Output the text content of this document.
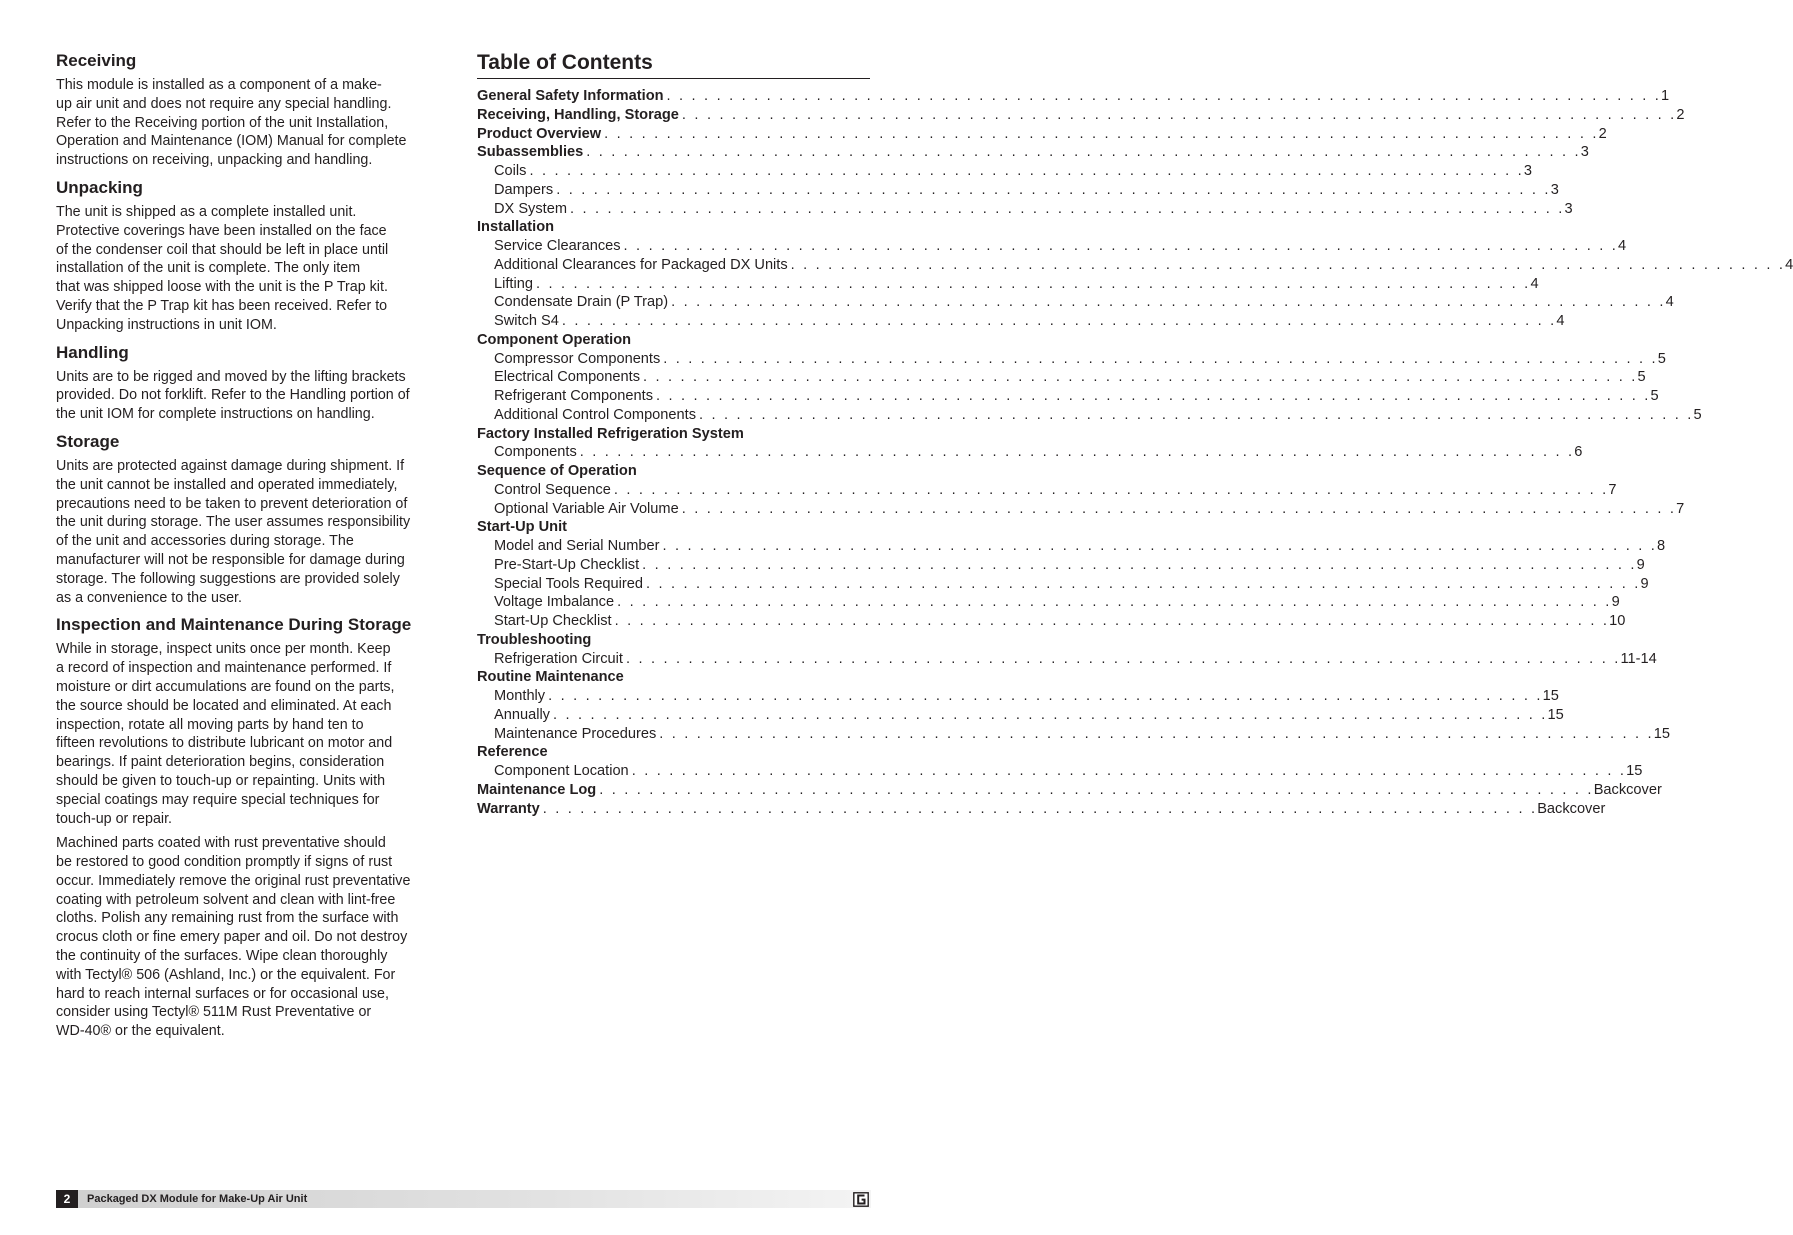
Receiving

This module is installed as a component of a make-
up air unit and does not require any special handling.
Refer to the Receiving portion of the unit Installation,
Operation and Maintenance (IOM) Manual for complete
instructions on receiving, unpacking and handling.

Unpacking

The unit is shipped as a complete installed unit.
Protective coverings have been installed on the face
of the condenser coil that should be left in place until
installation of the unit is complete. The only item
that was shipped loose with the unit is the P Trap kit.
Verify that the P Trap kit has been received. Refer to
Unpacking instructions in unit IOM.

Handling

Units are to be rigged and moved by the lifting brackets
provided. Do not forklift. Refer to the Handling portion of
the unit IOM for complete instructions on handling.

Storage

Units are protected against damage during shipment. If
the unit cannot be installed and operated immediately,
precautions need to be taken to prevent deterioration of
the unit during storage. The user assumes responsibility
of the unit and accessories during storage. The
manufacturer will not be responsible for damage during
storage. The following suggestions are provided solely
as a convenience to the user.

Inspection and Maintenance During Storage

While in storage, inspect units once per month. Keep
a record of inspection and maintenance performed. If
moisture or dirt accumulations are found on the parts,
the source should be located and eliminated. At each
inspection, rotate all moving parts by hand ten to
fifteen revolutions to distribute lubricant on motor and
bearings. If paint deterioration begins, consideration
should be given to touch-up or repainting. Units with
special coatings may require special techniques for
touch-up or repair.

Machined parts coated with rust preventative should
be restored to good condition promptly if signs of rust
occur. Immediately remove the original rust preventative
coating with petroleum solvent and clean with lint-free
cloths. Polish any remaining rust from the surface with
crocus cloth or fine emery paper and oil. Do not destroy
the continuity of the surfaces. Wipe clean thoroughly
with Tectyl® 506 (Ashland, Inc.) or the equivalent. For
hard to reach internal surfaces or for occasional use,
consider using Tectyl® 511M Rust Preventative or
WD-40® or the equivalent.

Table of Contents
General Safety Information . . . . . . . . . . . . . . . . . . . . . . . . . . . . . . . . . . . . . . . . . . . . . . . . . . . . . . . . . . . . . . . . . . . . . . . . . . . . . . . . 1
Receiving, Handling, Storage . . . . . . . . . . . . . . . . . . . . . . . . . . . . . . . . . . . . . . . . . . . . . . . . . . . . . . . . . . . . . . . . . . . . . . . . . . . . . . . . 2
Product Overview . . . . . . . . . . . . . . . . . . . . . . . . . . . . . . . . . . . . . . . . . . . . . . . . . . . . . . . . . . . . . . . . . . . . . . . . . . . . . . . . 2
Subassemblies . . . . . . . . . . . . . . . . . . . . . . . . . . . . . . . . . . . . . . . . . . . . . . . . . . . . . . . . . . . . . . . . . . . . . . . . . . . . . . . . 3
Coils . . . . . . . . . . . . . . . . . . . . . . . . . . . . . . . . . . . . . . . . . . . . . . . . . . . . . . . . . . . . . . . . . . . . . . . . . . . . . . . . 3
Dampers . . . . . . . . . . . . . . . . . . . . . . . . . . . . . . . . . . . . . . . . . . . . . . . . . . . . . . . . . . . . . . . . . . . . . . . . . . . . . . . . 3
DX System . . . . . . . . . . . . . . . . . . . . . . . . . . . . . . . . . . . . . . . . . . . . . . . . . . . . . . . . . . . . . . . . . . . . . . . . . . . . . . . . 3
Installation
Service Clearances . . . . . . . . . . . . . . . . . . . . . . . . . . . . . . . . . . . . . . . . . . . . . . . . . . . . . . . . . . . . . . . . . . . . . . . . . . . . . . . . 4
Additional Clearances for Packaged DX Units . . . . . . . . . . . . . . . . . . . . . . . . . . . . . . . . . . . . . . . . . . . . . . . . . . . . . . . . . . . . . . . . . . . . . . . . . . . . . . . . 4
Lifting . . . . . . . . . . . . . . . . . . . . . . . . . . . . . . . . . . . . . . . . . . . . . . . . . . . . . . . . . . . . . . . . . . . . . . . . . . . . . . . . 4
Condensate Drain (P Trap) . . . . . . . . . . . . . . . . . . . . . . . . . . . . . . . . . . . . . . . . . . . . . . . . . . . . . . . . . . . . . . . . . . . . . . . . . . . . . . . . 4
Switch S4 . . . . . . . . . . . . . . . . . . . . . . . . . . . . . . . . . . . . . . . . . . . . . . . . . . . . . . . . . . . . . . . . . . . . . . . . . . . . . . . . 4
Component Operation
Compressor Components . . . . . . . . . . . . . . . . . . . . . . . . . . . . . . . . . . . . . . . . . . . . . . . . . . . . . . . . . . . . . . . . . . . . . . . . . . . . . . . . 5
Electrical Components . . . . . . . . . . . . . . . . . . . . . . . . . . . . . . . . . . . . . . . . . . . . . . . . . . . . . . . . . . . . . . . . . . . . . . . . . . . . . . . . 5
Refrigerant Components . . . . . . . . . . . . . . . . . . . . . . . . . . . . . . . . . . . . . . . . . . . . . . . . . . . . . . . . . . . . . . . . . . . . . . . . . . . . . . . . 5
Additional Control Components . . . . . . . . . . . . . . . . . . . . . . . . . . . . . . . . . . . . . . . . . . . . . . . . . . . . . . . . . . . . . . . . . . . . . . . . . . . . . . . . 5
Factory Installed Refrigeration System
Components . . . . . . . . . . . . . . . . . . . . . . . . . . . . . . . . . . . . . . . . . . . . . . . . . . . . . . . . . . . . . . . . . . . . . . . . . . . . . . . . 6
Sequence of Operation
Control Sequence . . . . . . . . . . . . . . . . . . . . . . . . . . . . . . . . . . . . . . . . . . . . . . . . . . . . . . . . . . . . . . . . . . . . . . . . . . . . . . . . 7
Optional Variable Air Volume . . . . . . . . . . . . . . . . . . . . . . . . . . . . . . . . . . . . . . . . . . . . . . . . . . . . . . . . . . . . . . . . . . . . . . . . . . . . . . . . 7
Start-Up Unit
Model and Serial Number . . . . . . . . . . . . . . . . . . . . . . . . . . . . . . . . . . . . . . . . . . . . . . . . . . . . . . . . . . . . . . . . . . . . . . . . . . . . . . . . 8
Pre-Start-Up Checklist . . . . . . . . . . . . . . . . . . . . . . . . . . . . . . . . . . . . . . . . . . . . . . . . . . . . . . . . . . . . . . . . . . . . . . . . . . . . . . . . 9
Special Tools Required . . . . . . . . . . . . . . . . . . . . . . . . . . . . . . . . . . . . . . . . . . . . . . . . . . . . . . . . . . . . . . . . . . . . . . . . . . . . . . . . 9
Voltage Imbalance . . . . . . . . . . . . . . . . . . . . . . . . . . . . . . . . . . . . . . . . . . . . . . . . . . . . . . . . . . . . . . . . . . . . . . . . . . . . . . . . 9
Start-Up Checklist . . . . . . . . . . . . . . . . . . . . . . . . . . . . . . . . . . . . . . . . . . . . . . . . . . . . . . . . . . . . . . . . . . . . . . . . . . . . . . . . 10
Troubleshooting
Refrigeration Circuit . . . . . . . . . . . . . . . . . . . . . . . . . . . . . . . . . . . . . . . . . . . . . . . . . . . . . . . . . . . . . . . . . . . . . . . . . . . . . . . . 11-14
Routine Maintenance
Monthly . . . . . . . . . . . . . . . . . . . . . . . . . . . . . . . . . . . . . . . . . . . . . . . . . . . . . . . . . . . . . . . . . . . . . . . . . . . . . . . . 15
Annually . . . . . . . . . . . . . . . . . . . . . . . . . . . . . . . . . . . . . . . . . . . . . . . . . . . . . . . . . . . . . . . . . . . . . . . . . . . . . . . . 15
Maintenance Procedures . . . . . . . . . . . . . . . . . . . . . . . . . . . . . . . . . . . . . . . . . . . . . . . . . . . . . . . . . . . . . . . . . . . . . . . . . . . . . . . . 15
Reference
Component Location . . . . . . . . . . . . . . . . . . . . . . . . . . . . . . . . . . . . . . . . . . . . . . . . . . . . . . . . . . . . . . . . . . . . . . . . . . . . . . . . 15
Maintenance Log . . . . . . . . . . . . . . . . . . . . . . . . . . . . . . . . . . . . . . . . . . . . . . . . . . . . . . . . . . . . . . . . . . . . . . . . . . . . . . . . Backcover
Warranty . . . . . . . . . . . . . . . . . . . . . . . . . . . . . . . . . . . . . . . . . . . . . . . . . . . . . . . . . . . . . . . . . . . . . . . . . . . . . . . . Backcover
2	Packaged DX Module for Make-Up Air Unit
